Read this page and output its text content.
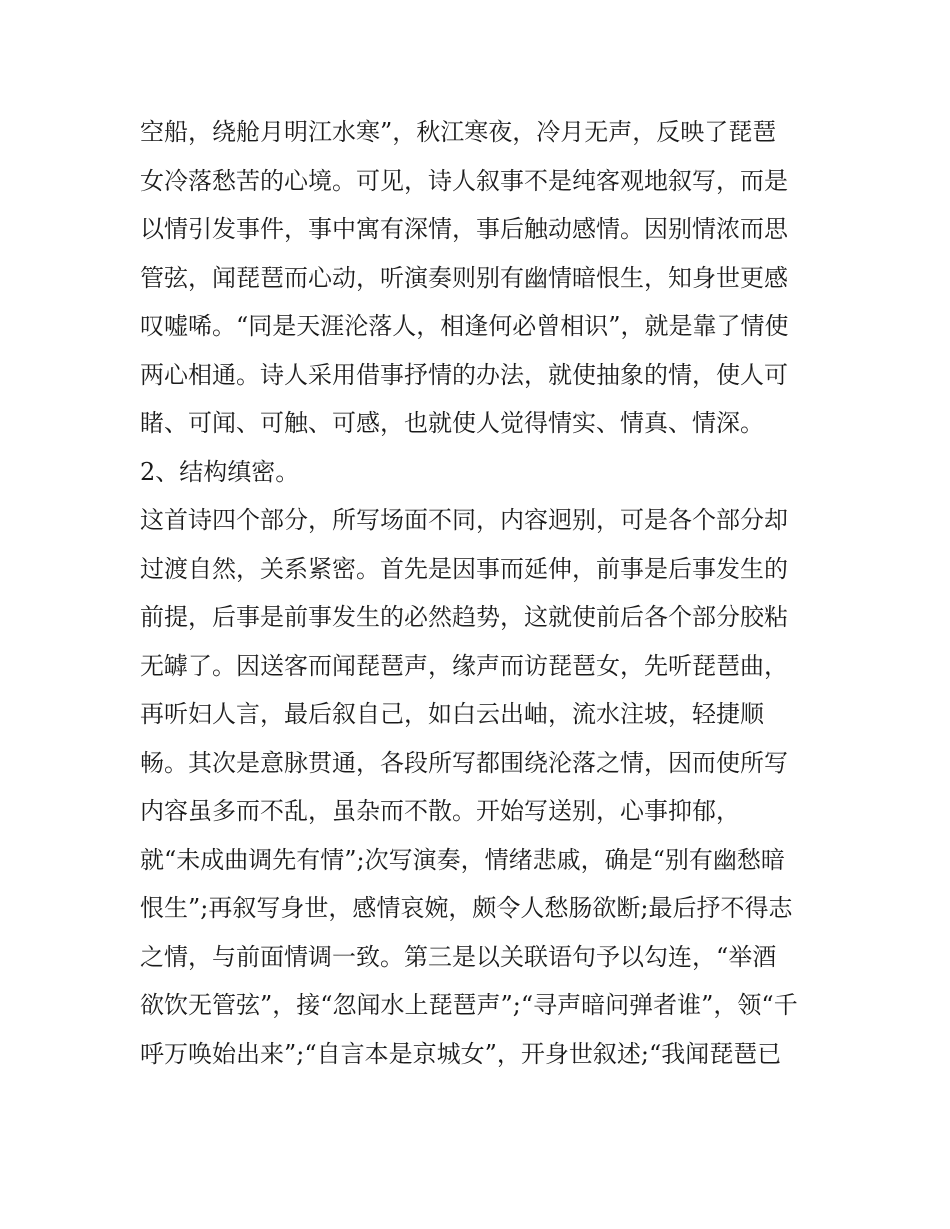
空船，绕舱月明江水寒”，秋江寒夜，冷月无声，反映了琵琶
女冷落愁苦的心境。可见，诗人叙事不是纯客观地叙写，而是
以情引发事件，事中寓有深情，事后触动感情。因别情浓而思
管弦，闻琵琶而心动，听演奏则别有幽情暗恨生，知身世更感
叹嘘唏。“同是天涯沦落人，相逢何必曾相识”，就是靠了情使
两心相通。诗人采用借事抒情的办法，就使抽象的情，使人可
睹、可闻、可触、可感，也就使人觉得情实、情真、情深。
2、结构缜密。
这首诗四个部分，所写场面不同，内容迥别，可是各个部分却
过渡自然，关系紧密。首先是因事而延伸，前事是后事发生的
前提，后事是前事发生的必然趋势，这就使前后各个部分胶粘
无罅了。因送客而闻琵琶声，缘声而访琵琶女，先听琵琶曲，
再听妇人言，最后叙自己，如白云出岫，流水注坡，轻捷顺
畅。其次是意脉贯通，各段所写都围绕沦落之情，因而使所写
内容虽多而不乱，虽杂而不散。开始写送别，心事抑郁，
就“未成曲调先有情”;次写演奏，情绪悲戚，确是“别有幽愁暗
恨生”;再叙写身世，感情哀婉，颇令人愁肠欲断;最后抒不得志
之情，与前面情调一致。第三是以关联语句予以勾连，“举酒
欲饮无管弦”，接“忽闻水上琵琶声”;“寻声暗问弹者谁”，领“千
呼万唤始出来”;“自言本是京城女”，开身世叙述;“我闻琵琶已
